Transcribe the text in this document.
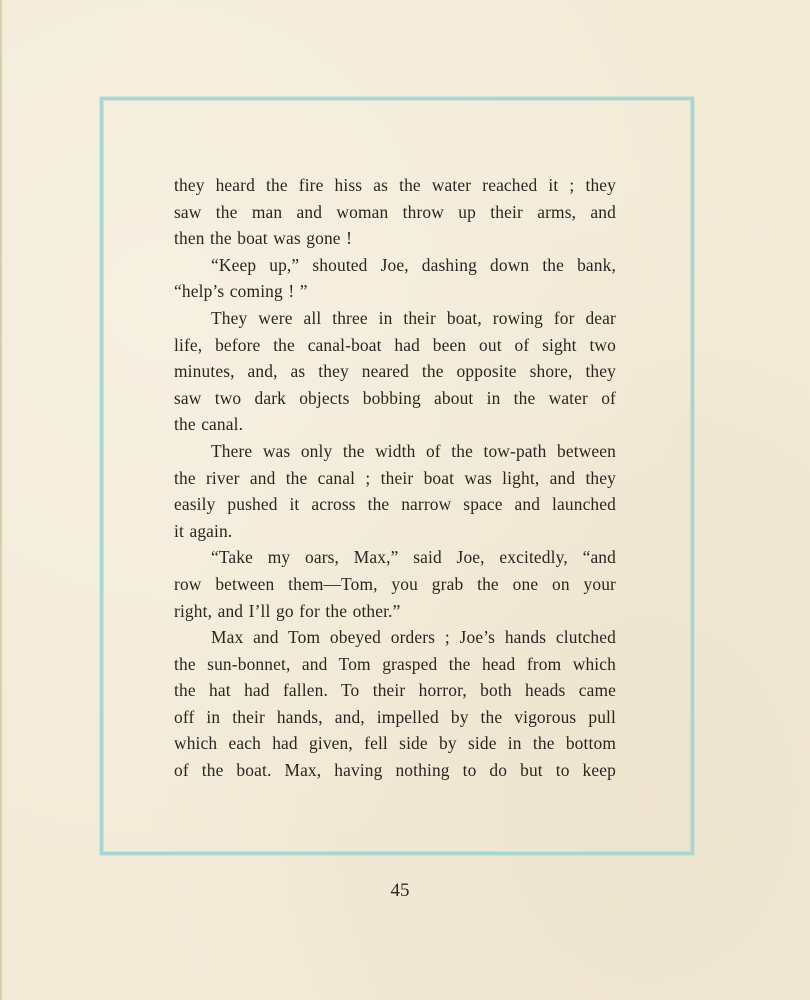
they heard the fire hiss as the water reached it ; they
saw the man and woman throw up their arms, and
then the boat was gone !
“Keep up,” shouted Joe, dashing down the bank,
“help’s coming ! ”
They were all three in their boat, rowing for dear
life, before the canal-boat had been out of sight two
minutes, and, as they neared the opposite shore, they
saw two dark objects bobbing about in the water of
the canal.
There was only the width of the tow-path between
the river and the canal ; their boat was light, and they
easily pushed it across the narrow space and launched
it again.
“Take my oars, Max,” said Joe, excitedly, “and
row between them—Tom, you grab the one on your
right, and I’ll go for the other.”
Max and Tom obeyed orders ; Joe’s hands clutched
the sun-bonnet, and Tom grasped the head from which
the hat had fallen. To their horror, both heads came
off in their hands, and, impelled by the vigorous pull
which each had given, fell side by side in the bottom
of the boat. Max, having nothing to do but to keep
45
